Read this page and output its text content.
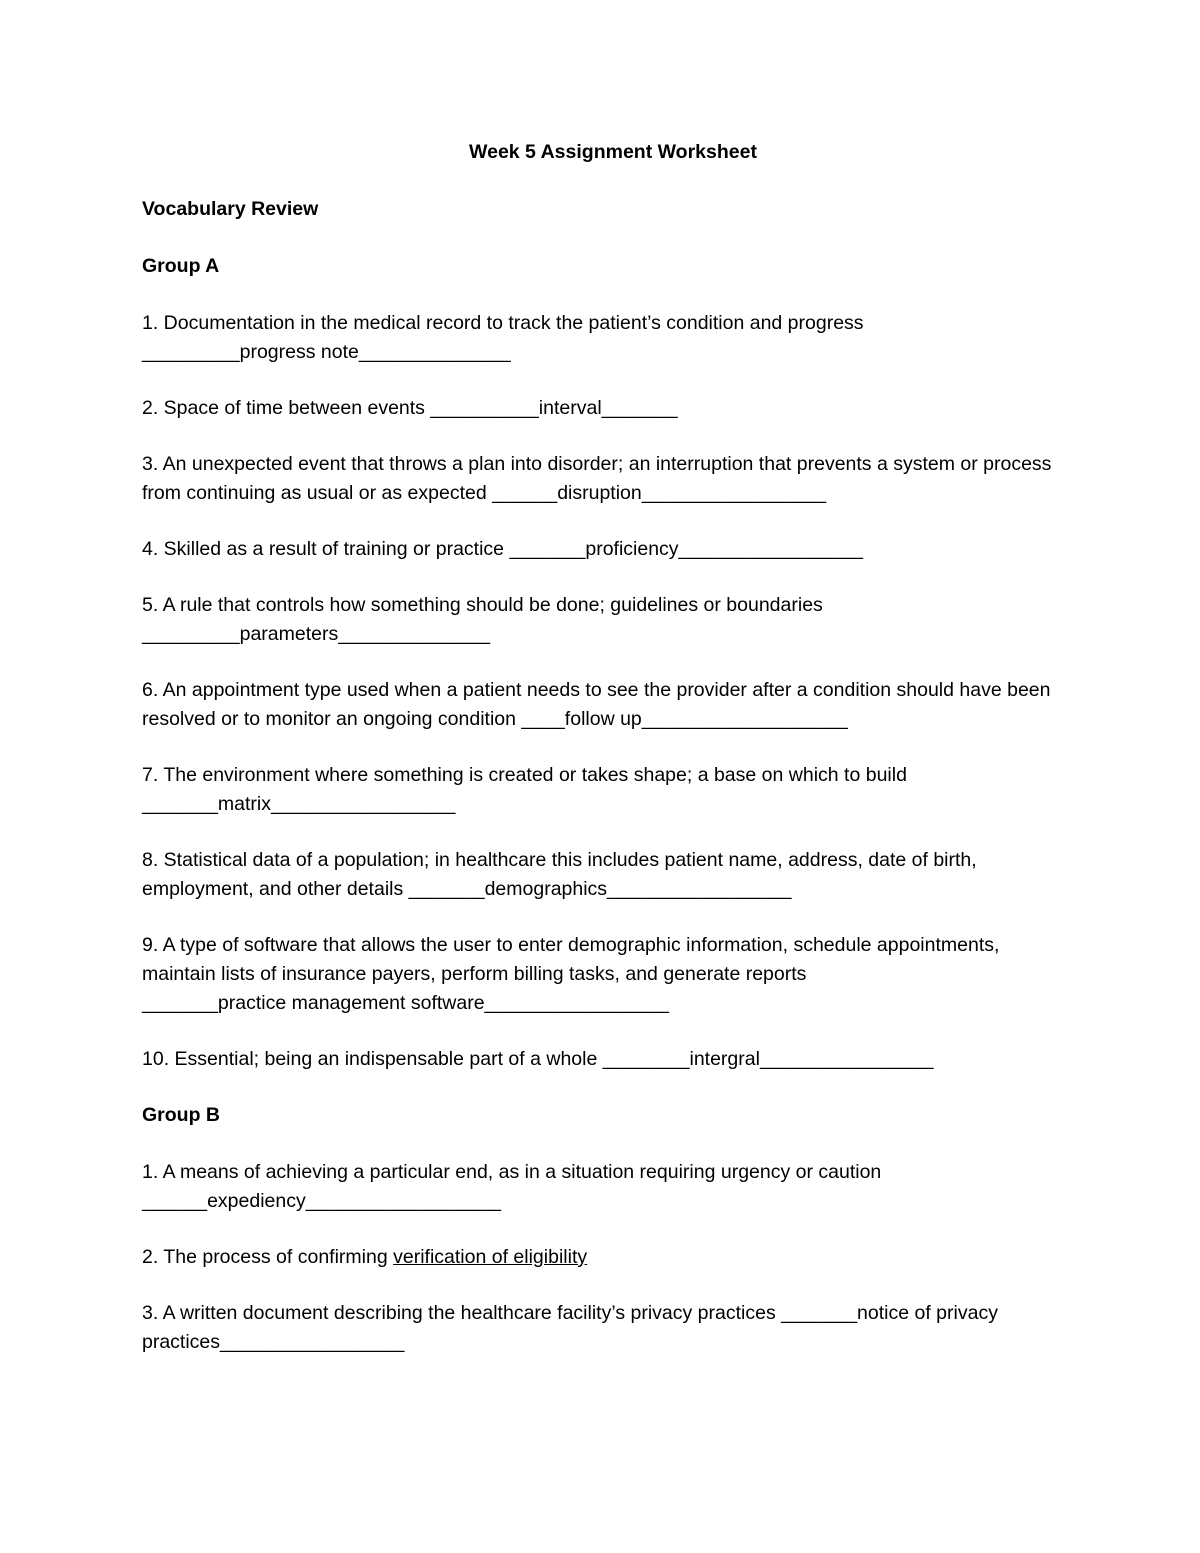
Week 5 Assignment Worksheet
Vocabulary Review
Group A
1. Documentation in the medical record to track the patient’s condition and progress
_________progress note______________
2. Space of time between events __________interval_______
3. An unexpected event that throws a plan into disorder; an interruption that prevents a system or process from continuing as usual or as expected ______disruption_________________
4. Skilled as a result of training or practice _______proficiency_________________
5. A rule that controls how something should be done; guidelines or boundaries
_________parameters______________
6. An appointment type used when a patient needs to see the provider after a condition should have been resolved or to monitor an ongoing condition ____follow up___________________
7. The environment where something is created or takes shape; a base on which to build
_______matrix_________________
8. Statistical data of a population; in healthcare this includes patient name, address, date of birth, employment, and other details _______demographics_________________
9. A type of software that allows the user to enter demographic information, schedule appointments, maintain lists of insurance payers, perform billing tasks, and generate reports
_______practice management software_________________
10. Essential; being an indispensable part of a whole ________intergral________________
Group B
1. A means of achieving a particular end, as in a situation requiring urgency or caution
______expediency__________________
2. The process of confirming verification of eligibility
3. A written document describing the healthcare facility’s privacy practices _______notice of privacy practices_________________
